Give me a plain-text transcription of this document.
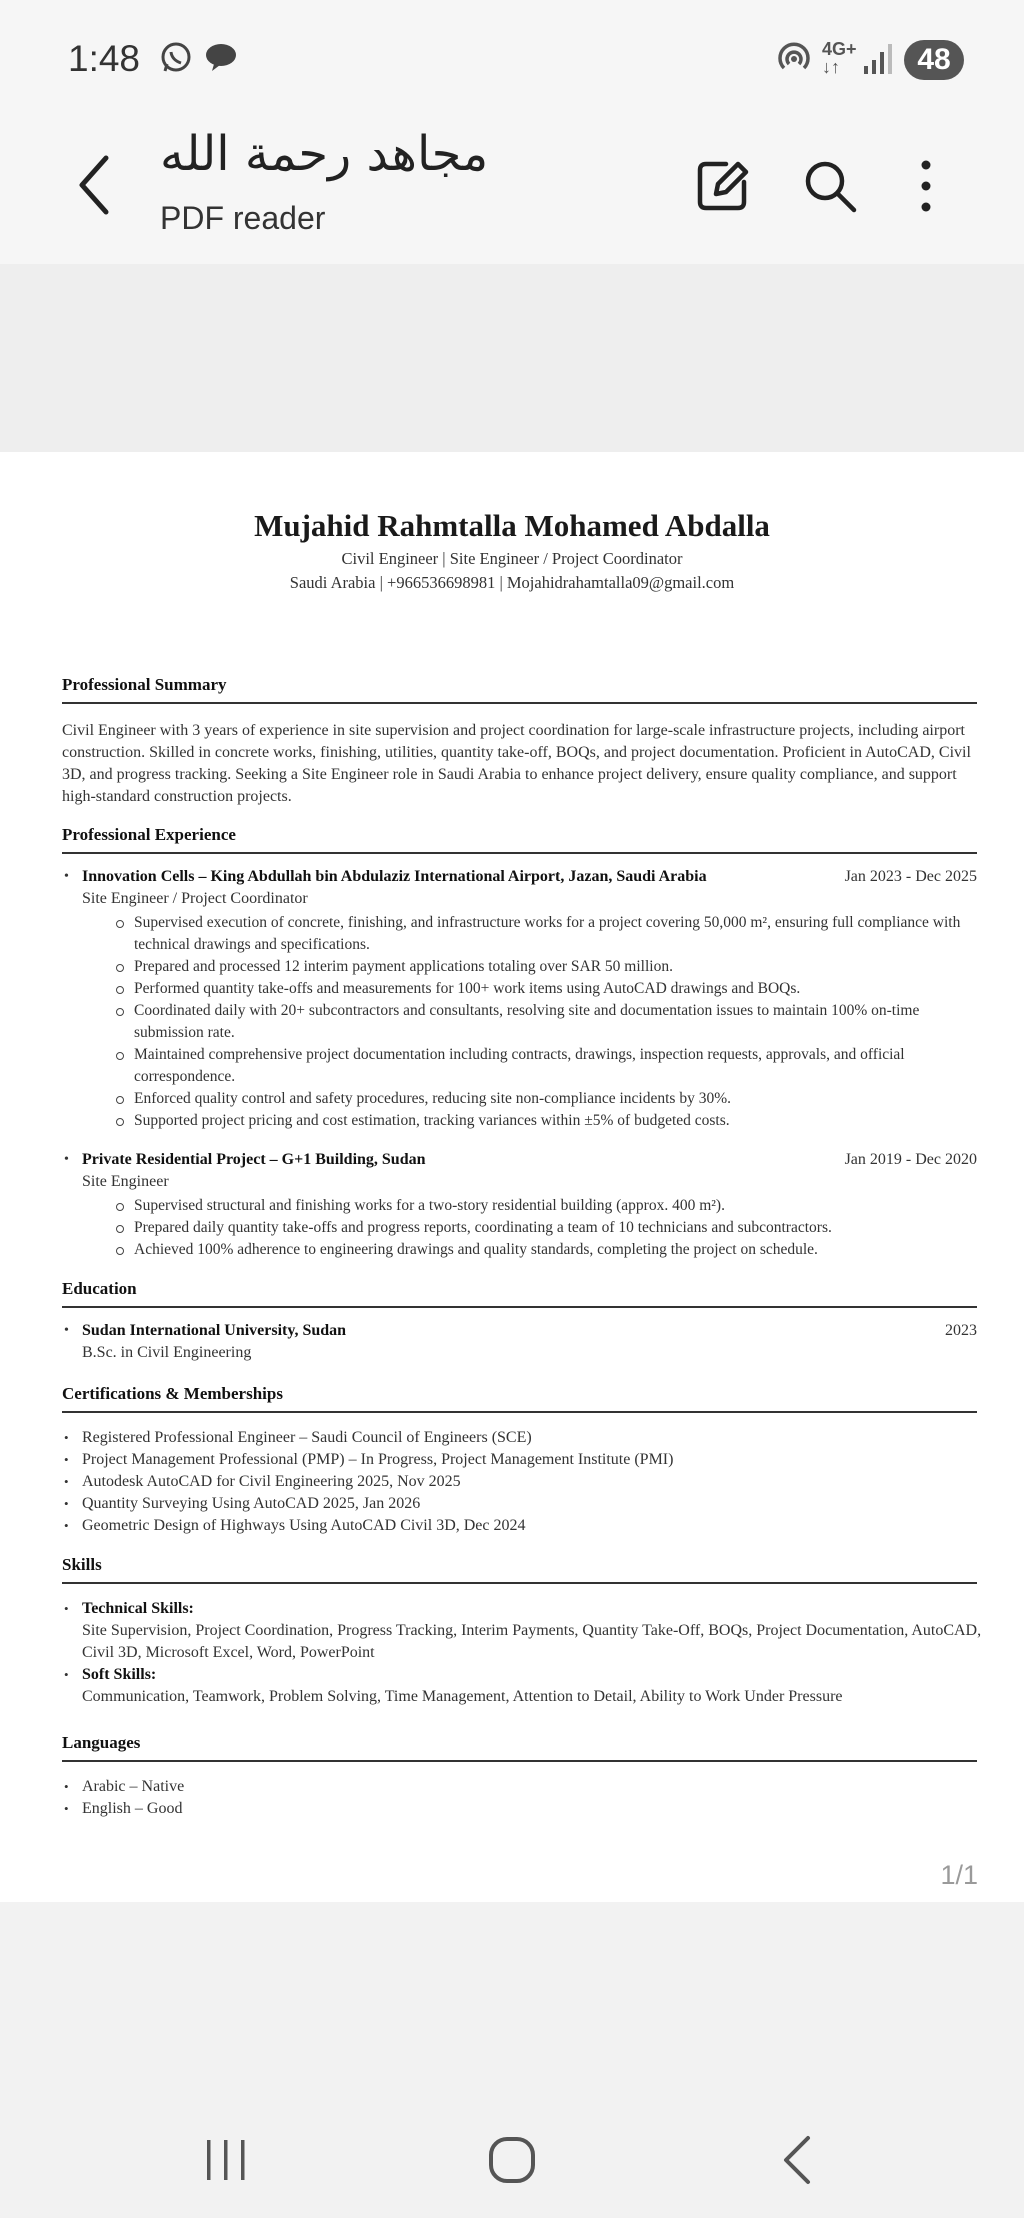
1:48	4G+
↓↑	48
مجاهد رحمة الله
PDF reader
Mujahid Rahmtalla Mohamed Abdalla
Civil Engineer | Site Engineer / Project Coordinator
Saudi Arabia | +966536698981 | Mojahidrahamtalla09@gmail.com
Professional Summary
Civil Engineer with 3 years of experience in site supervision and project coordination for large-scale infrastructure projects, including airport construction. Skilled in concrete works, finishing, utilities, quantity take-off, BOQs, and project documentation. Proficient in AutoCAD, Civil 3D, and progress tracking. Seeking a Site Engineer role in Saudi Arabia to enhance project delivery, ensure quality compliance, and support high-standard construction projects.
Professional Experience
• Innovation Cells – King Abdullah bin Abdulaziz International Airport, Jazan, Saudi Arabia	Jan 2023 - Dec 2025
Site Engineer / Project Coordinator
Supervised execution of concrete, finishing, and infrastructure works for a project covering 50,000 m², ensuring full compliance with technical drawings and specifications.
Prepared and processed 12 interim payment applications totaling over SAR 50 million.
Performed quantity take-offs and measurements for 100+ work items using AutoCAD drawings and BOQs.
Coordinated daily with 20+ subcontractors and consultants, resolving site and documentation issues to maintain 100% on-time submission rate.
Maintained comprehensive project documentation including contracts, drawings, inspection requests, approvals, and official correspondence.
Enforced quality control and safety procedures, reducing site non-compliance incidents by 30%.
Supported project pricing and cost estimation, tracking variances within ±5% of budgeted costs.
• Private Residential Project – G+1 Building, Sudan	Jan 2019 - Dec 2020
Site Engineer
Supervised structural and finishing works for a two-story residential building (approx. 400 m²).
Prepared daily quantity take-offs and progress reports, coordinating a team of 10 technicians and subcontractors.
Achieved 100% adherence to engineering drawings and quality standards, completing the project on schedule.
Education
• Sudan International University, Sudan	2023
B.Sc. in Civil Engineering
Certifications & Memberships
• Registered Professional Engineer – Saudi Council of Engineers (SCE)
• Project Management Professional (PMP) – In Progress, Project Management Institute (PMI)
• Autodesk AutoCAD for Civil Engineering 2025, Nov 2025
• Quantity Surveying Using AutoCAD 2025, Jan 2026
• Geometric Design of Highways Using AutoCAD Civil 3D, Dec 2024
Skills
• Technical Skills:
Site Supervision, Project Coordination, Progress Tracking, Interim Payments, Quantity Take-Off, BOQs, Project Documentation, AutoCAD, Civil 3D, Microsoft Excel, Word, PowerPoint
• Soft Skills:
Communication, Teamwork, Problem Solving, Time Management, Attention to Detail, Ability to Work Under Pressure
Languages
• Arabic – Native
• English – Good
1/1
